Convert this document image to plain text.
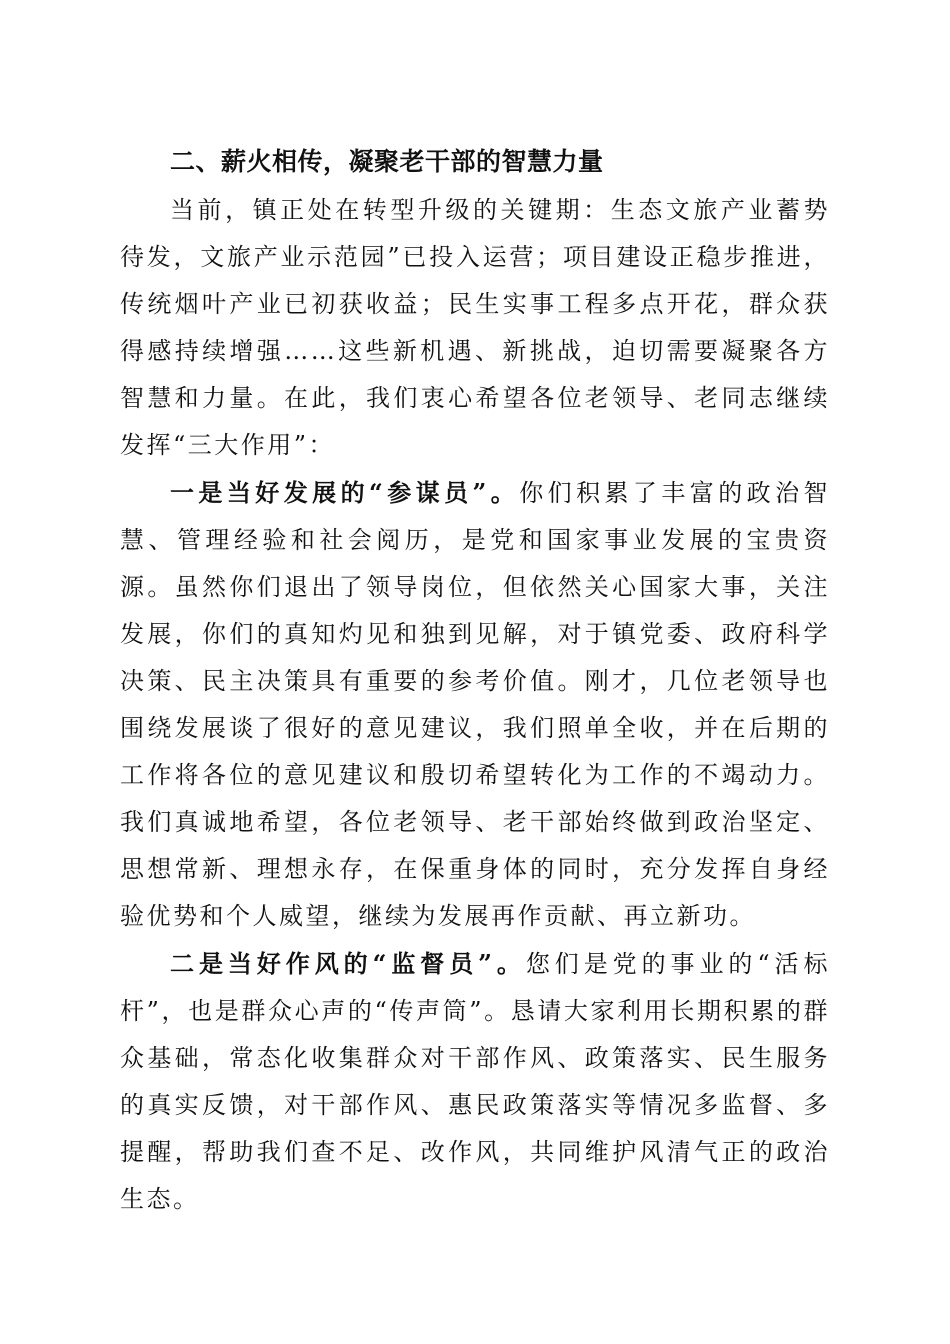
二、薪火相传，凝聚老干部的智慧力量

当前，镇正处在转型升级的关键期：生态文旅产业蓄势待发，文旅产业示范园”已投入运营；项目建设正稳步推进，传统烟叶产业已初获收益；民生实事工程多点开花，群众获得感持续增强……这些新机遇、新挑战，迫切需要凝聚各方智慧和力量。在此，我们衷心希望各位老领导、老同志继续发挥“三大作用”：

一是当好发展的“参谋员”。你们积累了丰富的政治智慧、管理经验和社会阅历，是党和国家事业发展的宝贵资源。虽然你们退出了领导岗位，但依然关心国家大事，关注发展，你们的真知灼见和独到见解，对于镇党委、政府科学决策、民主决策具有重要的参考价值。刚才，几位老领导也围绕发展谈了很好的意见建议，我们照单全收，并在后期的工作将各位的意见建议和殷切希望转化为工作的不竭动力。我们真诚地希望，各位老领导、老干部始终做到政治坚定、思想常新、理想永存，在保重身体的同时，充分发挥自身经验优势和个人威望，继续为发展再作贡献、再立新功。

二是当好作风的“监督员”。您们是党的事业的“活标杆”，也是群众心声的“传声筒”。恳请大家利用长期积累的群众基础，常态化收集群众对干部作风、政策落实、民生服务的真实反馈，对干部作风、惠民政策落实等情况多监督、多提醒，帮助我们查不足、改作风，共同维护风清气正的政治生态。
